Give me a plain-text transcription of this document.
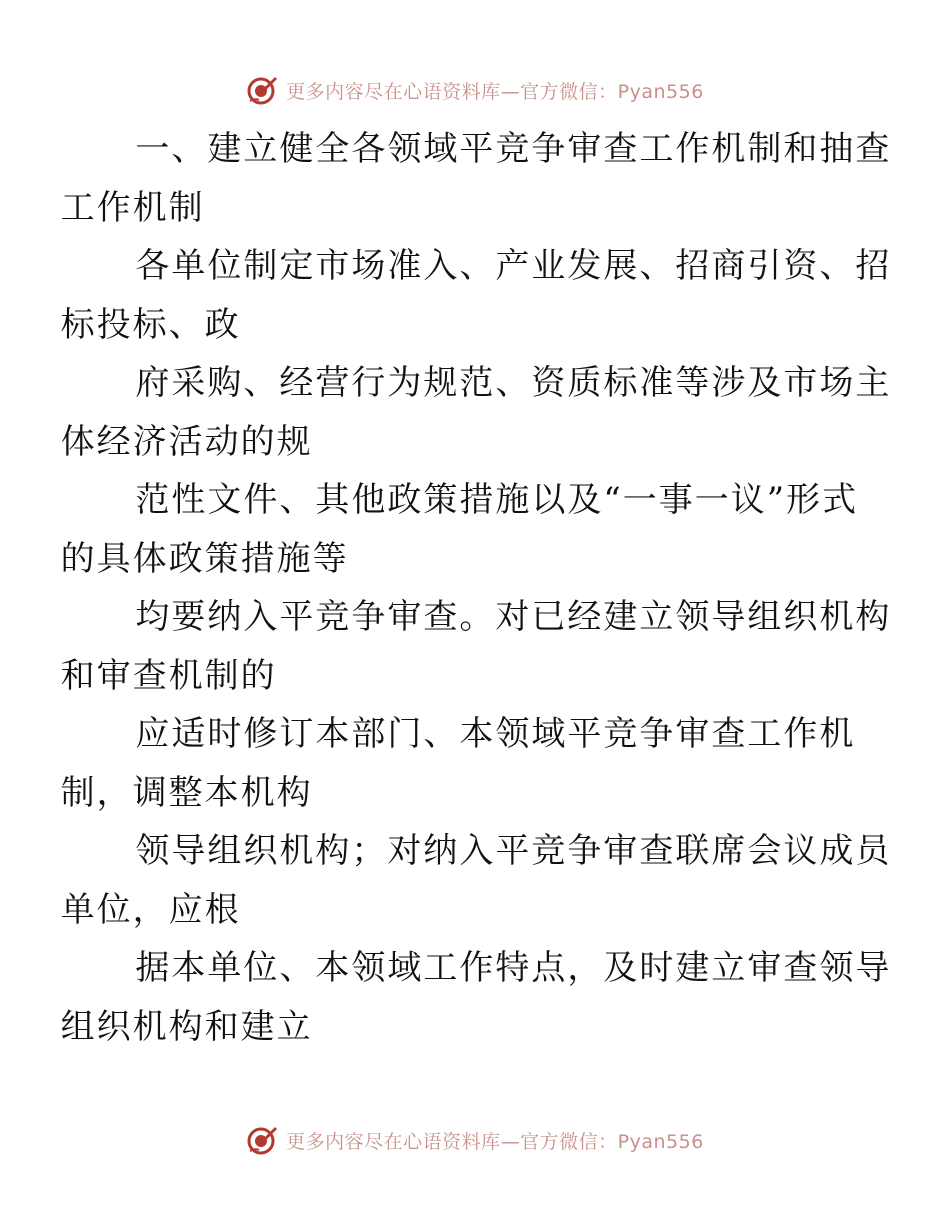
更多内容尽在心语资料库—官方微信：Pyan556

一、建立健全各领域平竞争审查工作机制和抽查
工作机制

各单位制定市场准入、产业发展、招商引资、招
标投标、政

府采购、经营行为规范、资质标准等涉及市场主
体经济活动的规

范性文件、其他政策措施以及“一事一议”形式
的具体政策措施等

均要纳入平竞争审查。对已经建立领导组织机构
和审查机制的

应适时修订本部门、本领域平竞争审查工作机
制，调整本机构

领导组织机构；对纳入平竞争审查联席会议成员
单位，应根

据本单位、本领域工作特点，及时建立审查领导
组织机构和建立

更多内容尽在心语资料库—官方微信：Pyan556
